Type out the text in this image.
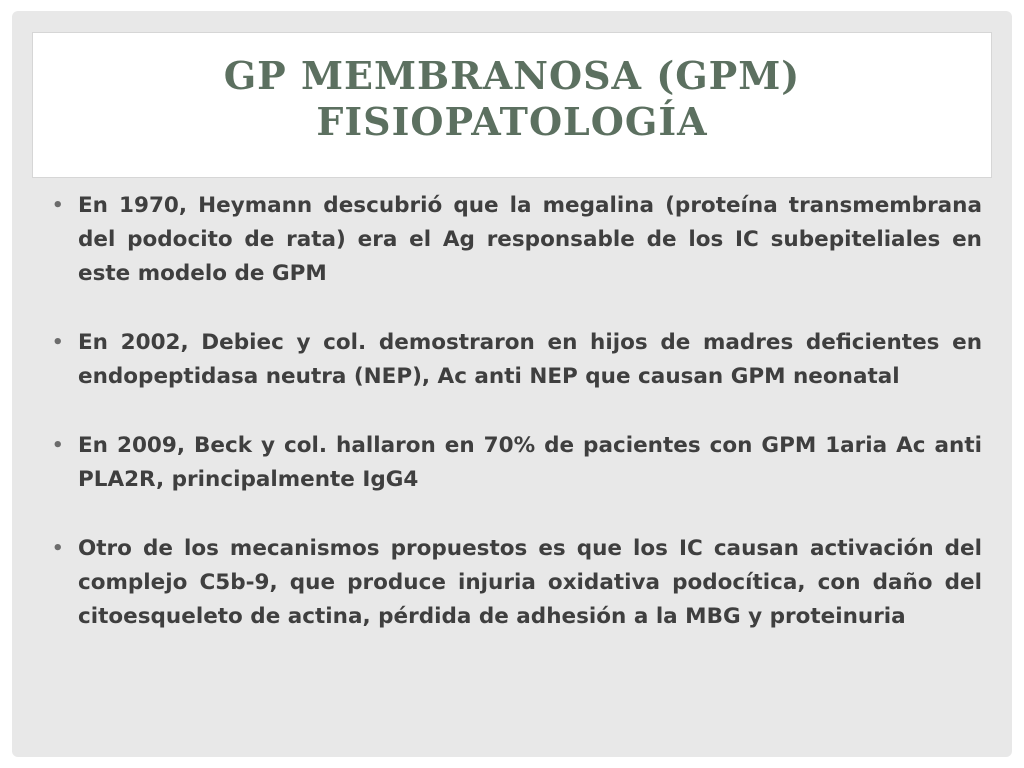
GP MEMBRANOSA (GPM)
FISIOPATOLOGÍA
• En 1970, Heymann descubrió que la megalina (proteína transmembrana del podocito de rata) era el Ag responsable de los IC subepiteliales en este modelo de GPM
• En 2002, Debiec y col. demostraron en hijos de madres deficientes en endopeptidasa neutra (NEP), Ac anti NEP que causan GPM neonatal
• En 2009, Beck y col. hallaron en 70% de pacientes con GPM 1aria Ac anti PLA2R, principalmente IgG4
• Otro de los mecanismos propuestos es que los IC causan activación del complejo C5b-9, que produce injuria oxidativa podocítica, con daño del citoesqueleto de actina, pérdida de adhesión a la MBG y proteinuria
